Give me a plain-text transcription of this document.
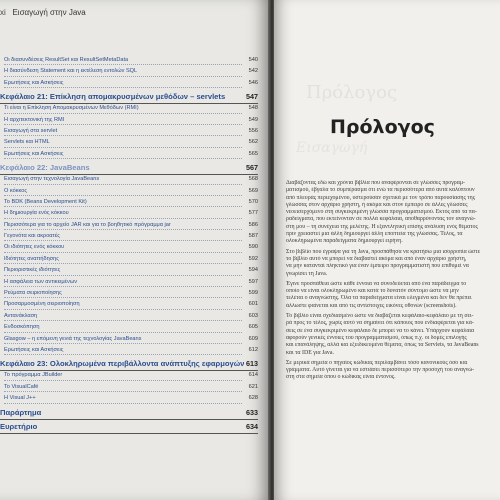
xi Εισαγωγή στην Java
Οι διασυνδέσεις ResultSet και ResultSetMetaData	540
Η διασύνδεση Statement και η εκτέλεση εντολών SQL	542
Ερωτήσεις και Ασκήσεις	546
Κεφάλαιο 21: Επίκληση απομακρυσμένων μεθόδων – servlets	547
Τι είναι η Επίκληση Απομακρυσμένων Μεθόδων (RMI)	548
Η αρχιτεκτονική της RMI	549
Εισαγωγή στα servlet	556
Servlets και ΗΤΜL	562
Ερωτήσεις και Ασκήσεις	565
Κεφάλαιο 22: JavaBeans	567
Εισαγωγή στην τεχνολογία JavaBeans	568
Ο κόκκος	569
Το BDK (Beans Development Kit)	570
Η δημιουργία ενός κόκκου	577
Περισσότερα για το αρχείο JAR και για το βοηθητικό πρόγραμμα jar	586
Γεγονότα και ακροατές	587
Οι ιδιότητες ενός κόκκου	590
Ιδιότητες αναπήδησης	592
Περιοριστικές ιδιότητες	594
Η ασφάλεια των αντικειμένων	597
Ρεύματα σειριοποίησης	599
Προσαρμοσμένη σειριοποίηση	601
Αντανάκλαση	603
Ενδοσκόπηση	605
Glasgow – η επόμενη γενιά της τεχνολογίας JavaBeans	609
Ερωτήσεις και Ασκήσεις	612
Κεφάλαιο 23: Ολοκληρωμένα περιβάλλοντα ανάπτυξης εφαρμογών 613
Το πρόγραμμα JBuilder	614
Το VisualCafé	621
Η Visual J++	628
Παράρτημα	633
Ευρετήριο	634
Πρόλογος
Εισαγωγή
Πρόλογος
Διαβάζοντας εδώ και χρόνια βιβλία που αναφέρονται σε γλώσσες προγραμ-
ματισμού, έβγαλα το συμπέρασμα ότι ενώ τα περισσότερα από αυτά καλύπτουν
από πλευράς περιεχομένου, υστερούσαν σχετικά με τον τρόπο παρουσίασης της
γλώσσας στον αρχάριο χρήστη, ή ακόμα και στον έμπειρο σε άλλες γλώσσες
νεοεισερχόμενο στη συγκεκριμένη γλώσσα προγραμματισμού. Εκτός από τα πα-
ραδείγματα, που εκτείνονταν σε πολλά κεφάλαια, αποθαρρύνοντας τον αναγνώ-
στη μου – τη συνέχεια της μελέτης. Η εξαντλητική επίσης ανάλυση ενός θέματος
πριν χρειαστεί μια άλλη δημιουργεί άλλη εποπτεία της γλώσσας. Τέλος, τα
ολοκληρωμένα παραδείγματα δημιουργεί ειρήνη.
Στο βιβλίο που έγραψα για τη Java, προσπάθησα να κρατήσω μια ισορροπία ώστε
το βιβλίο αυτό να μπορεί να διαβαστεί ακόμα και από έναν αρχάριο χρήστη,
να μην κατανταί πληκτικό για έναν έμπειρο προγραμματιστή που επιθυμεί να
γνωρίσει τη Java.
Έγινε προσπάθεια ώστε κάθε έννοια να συνοδεύεται από ένα παράδειγμα το
οποίο να είναι ολοκληρωμένο και κατά το δυνατόν σύντομο ώστε να μην
τελέται ο αναγνώστης. Όλα τα παραδείγματα είναι ελεγμένα και δεν θα πρέπει
άλλωστε φαίνεται και από τις αντίστοιχες εικόνες οθονών (screenshots).
Το βιβλίο είναι σχεδιασμένο ώστε να διαβάζεται κεφάλαιο-κεφάλαιο με τη σει-
ρά πρoς τo τέλος, χωρίς αυτό να σημαίνει ότι κάποιος που ενδιαφέρεται για κά-
σεις σε ένα συγκεκριμένο κεφάλαιο δε μπορεί να το κάνει. Υπάρχουν κεφάλαια
αφορούν γενικές έννοιες του προγραμματισμού, όπως π.χ. οι δομές επιλογής
και επανάληψης, αλλά και εξειδικευμένα θέματα, όπως τα Servlets, τα JavaBeans
και τα IDE για Java.
Σε μερικά σημεία ο πηγαίος κώδικας περιλαμβάνει τόσο κανονικούς όσο και
γράμματα. Αυτό γίνεται για να εστιάσει περισσότερο την προσοχή του αναγνώ-
στη στα σημεία όπου ο κώδικας είναι έντονος.
